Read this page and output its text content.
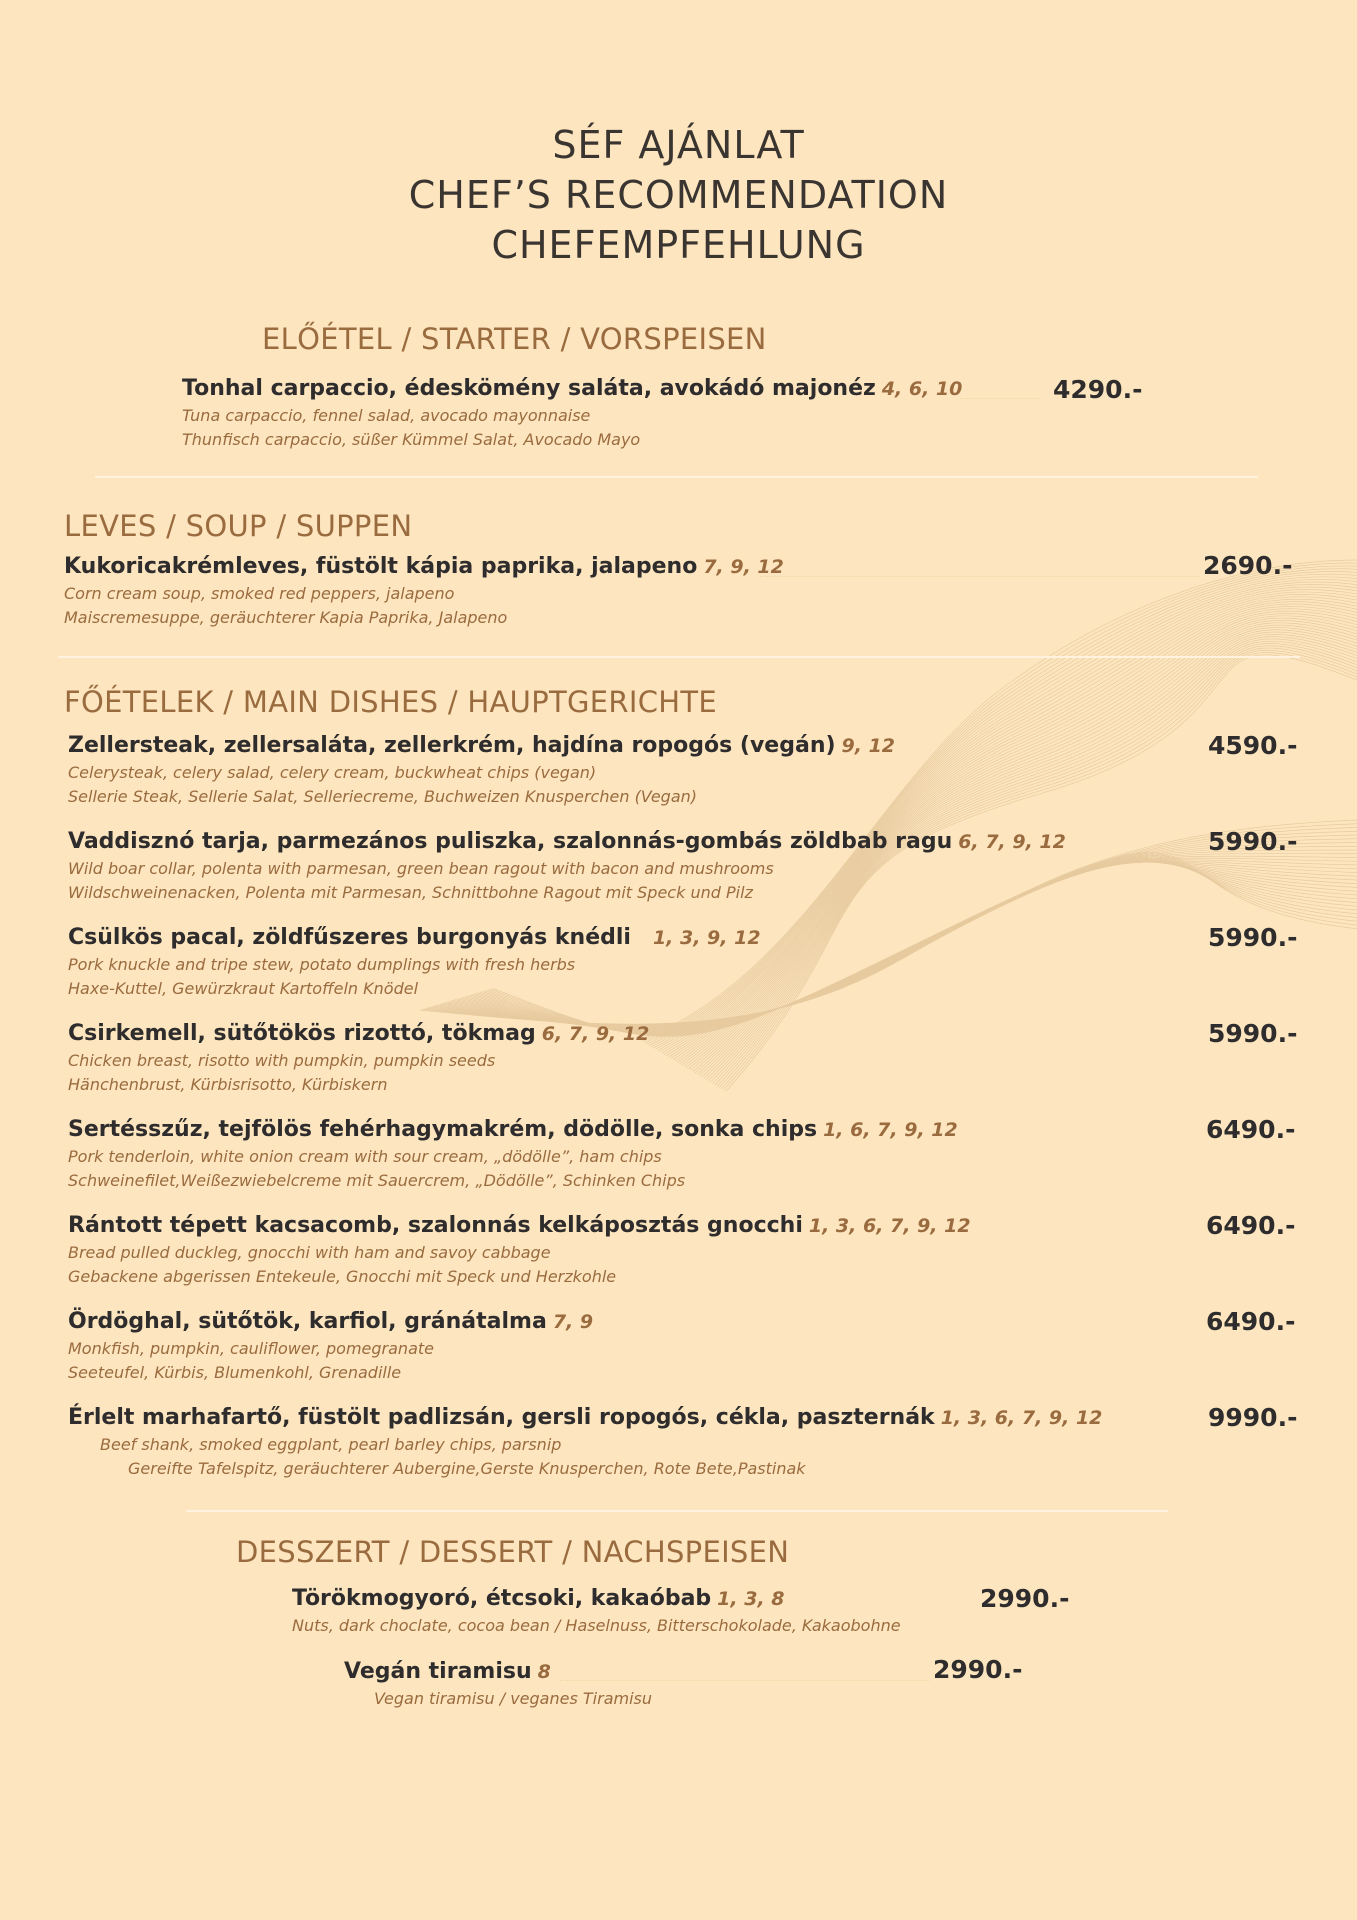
SÉF AJÁNLAT
CHEF’S RECOMMENDATION
CHEFEMPFEHLUNG
ELŐÉTEL / STARTER / VORSPEISEN
Tonhal carpaccio, édeskömény saláta, avokádó majonéz 4, 6, 10
Tuna carpaccio, fennel salad, avocado mayonnaise
Thunfisch carpaccio, süßer Kümmel Salat, Avocado Mayo
4290.-
LEVES / SOUP / SUPPEN
Kukoricakrémleves, füstölt kápia paprika, jalapeno 7, 9, 12
Corn cream soup, smoked red peppers, jalapeno
Maiscremesuppe, geräuchterer Kapia Paprika, Jalapeno
2690.-
FŐÉTELEK / MAIN DISHES / HAUPTGERICHTE
Zellersteak, zellersaláta, zellerkrém, hajdína ropogós (vegán) 9, 12
Celerysteak, celery salad, celery cream, buckwheat chips (vegan)
Sellerie Steak, Sellerie Salat, Selleriecreme, Buchweizen Knusperchen (Vegan)
4590.-
Vaddisznó tarja, parmezános puliszka, szalonnás-gombás zöldbab ragu 6, 7, 9, 12
Wild boar collar, polenta with parmesan, green bean ragout with bacon and mushrooms
Wildschweinenacken, Polenta mit Parmesan, Schnittbohne Ragout mit Speck und Pilz
5990.-
Csülkös pacal, zöldfűszeres burgonyás knédli 1, 3, 9, 12
Pork knuckle and tripe stew, potato dumplings with fresh herbs
Haxe-Kuttel, Gewürzkraut Kartoffeln Knödel
5990.-
Csirkemell, sütőtökös rizottó, tökmag 6, 7, 9, 12
Chicken breast, risotto with pumpkin, pumpkin seeds
Hänchenbrust, Kürbisrisotto, Kürbiskern
5990.-
Sertésszűz, tejfölös fehérhagymakrém, dödölle, sonka chips 1, 6, 7, 9, 12
Pork tenderloin, white onion cream with sour cream, „dödölle”, ham chips
Schweinefilet,Weißezwiebelcreme mit Sauercrem, „Dödölle”, Schinken Chips
6490.-
Rántott tépett kacsacomb, szalonnás kelkáposztás gnocchi 1, 3, 6, 7, 9, 12
Bread pulled duckleg, gnocchi with ham and savoy cabbage
Gebackene abgerissen Entekeule, Gnocchi mit Speck und Herzkohle
6490.-
Ördöghal, sütőtök, karfiol, gránátalma 7, 9
Monkfish, pumpkin, cauliflower, pomegranate
Seeteufel, Kürbis, Blumenkohl, Grenadille
6490.-
Érlelt marhafartő, füstölt padlizsán, gersli ropogós, cékla, paszternák 1, 3, 6, 7, 9, 12
Beef shank, smoked eggplant, pearl barley chips, parsnip
Gereifte Tafelspitz, geräuchterer Aubergine,Gerste Knusperchen, Rote Bete,Pastinak
9990.-
DESSZERT / DESSERT / NACHSPEISEN
Törökmogyoró, étcsoki, kakaóbab 1, 3, 8
Nuts, dark choclate, cocoa bean / Haselnuss, Bitterschokolade, Kakaobohne
2990.-
Vegán tiramisu 8
Vegan tiramisu / veganes Tiramisu
2990.-
